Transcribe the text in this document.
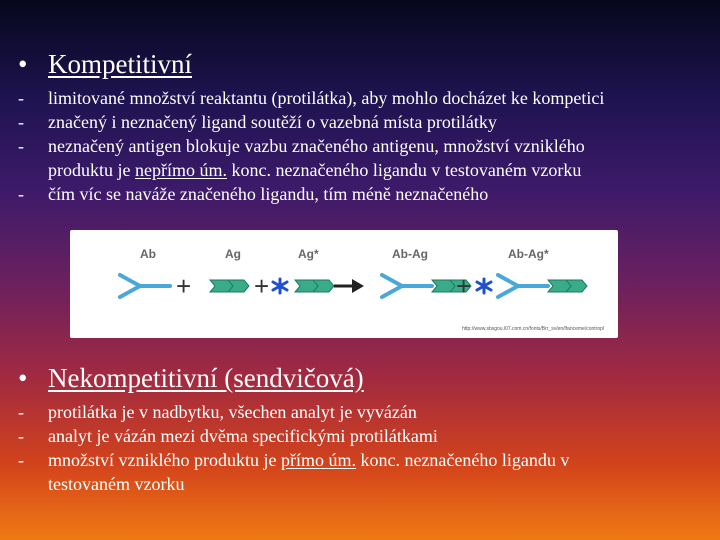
• Kompetitivní
- limitované množství reaktantu (protilátka), aby mohlo docházet ke kompetici
- značený i neznačený ligand soutěží o vazebná místa protilátky
- neznačený antigen blokuje vazbu značeného antigenu, množství vzniklého
produktu je nepřímo úm. konc. neznačeného ligandu v testovaném vzorku
- čím víc se naváže značeného ligandu, tím méně neznačeného
Ab	Ag	Ag*	Ab-Ag	Ab-Ag*
+ +	+
http://www.sbsgou.l07.com.cn/fonts/Brr_sv/en/lfanceme/contropl
• Nekompetitivní (sendvičová)
- protilátka je v nadbytku, všechen analyt je vyvázán
- analyt je vázán mezi dvěma specifickými protilátkami
- množství vzniklého produktu je přímo úm. konc. neznačeného ligandu v
testovaném vzorku
